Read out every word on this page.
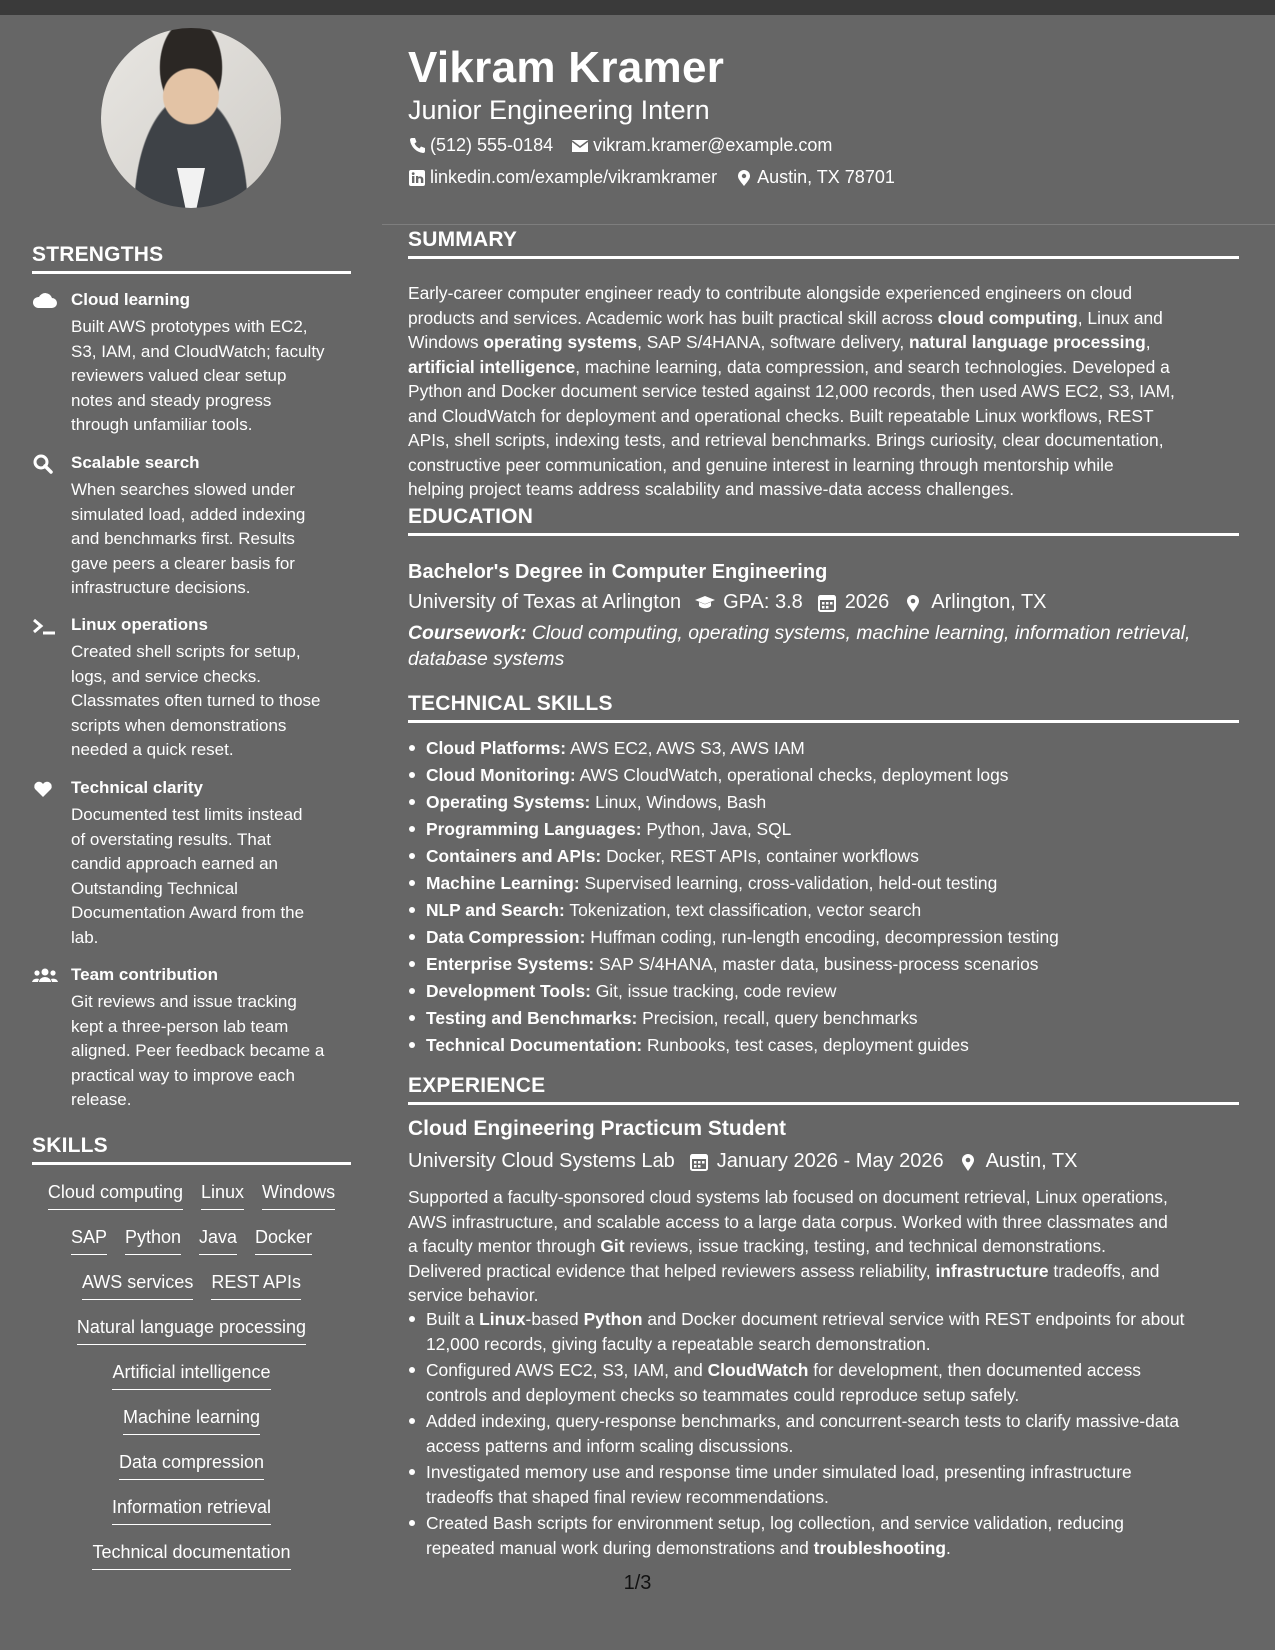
STRENGTHS
Cloud learning
Built AWS prototypes with EC2,
S3, IAM, and CloudWatch; faculty
reviewers valued clear setup
notes and steady progress
through unfamiliar tools.
Scalable search
When searches slowed under
simulated load, added indexing
and benchmarks first. Results
gave peers a clearer basis for
infrastructure decisions.
Linux operations
Created shell scripts for setup,
logs, and service checks.
Classmates often turned to those
scripts when demonstrations
needed a quick reset.
Technical clarity
Documented test limits instead
of overstating results. That
candid approach earned an
Outstanding Technical
Documentation Award from the
lab.
Team contribution
Git reviews and issue tracking
kept a three-person lab team
aligned. Peer feedback became a
practical way to improve each
release.
SKILLS
Cloud computing Linux Windows
SAP Python Java Docker
AWS services REST APIs
Natural language processing
Artificial intelligence
Machine learning
Data compression
Information retrieval
Technical documentation
Vikram Kramer
Junior Engineering Intern
(512) 555-0184 vikram.kramer@example.com
linkedin.com/example/vikramkramer Austin, TX 78701
SUMMARY
Early-career computer engineer ready to contribute alongside experienced engineers on cloud
products and services. Academic work has built practical skill across cloud computing, Linux and
Windows operating systems, SAP S/4HANA, software delivery, natural language processing,
artificial intelligence, machine learning, data compression, and search technologies. Developed a
Python and Docker document service tested against 12,000 records, then used AWS EC2, S3, IAM,
and CloudWatch for deployment and operational checks. Built repeatable Linux workflows, REST
APIs, shell scripts, indexing tests, and retrieval benchmarks. Brings curiosity, clear documentation,
constructive peer communication, and genuine interest in learning through mentorship while
helping project teams address scalability and massive-data access challenges.
EDUCATION
Bachelor's Degree in Computer Engineering
University of Texas at Arlington GPA: 3.8 2026 Arlington, TX
Coursework: Cloud computing, operating systems, machine learning, information retrieval,
database systems
TECHNICAL SKILLS
Cloud Platforms: AWS EC2, AWS S3, AWS IAM
Cloud Monitoring: AWS CloudWatch, operational checks, deployment logs
Operating Systems: Linux, Windows, Bash
Programming Languages: Python, Java, SQL
Containers and APIs: Docker, REST APIs, container workflows
Machine Learning: Supervised learning, cross-validation, held-out testing
NLP and Search: Tokenization, text classification, vector search
Data Compression: Huffman coding, run-length encoding, decompression testing
Enterprise Systems: SAP S/4HANA, master data, business-process scenarios
Development Tools: Git, issue tracking, code review
Testing and Benchmarks: Precision, recall, query benchmarks
Technical Documentation: Runbooks, test cases, deployment guides
EXPERIENCE
Cloud Engineering Practicum Student
University Cloud Systems Lab January 2026 - May 2026 Austin, TX
Supported a faculty-sponsored cloud systems lab focused on document retrieval, Linux operations,
AWS infrastructure, and scalable access to a large data corpus. Worked with three classmates and
a faculty mentor through Git reviews, issue tracking, testing, and technical demonstrations.
Delivered practical evidence that helped reviewers assess reliability, infrastructure tradeoffs, and
service behavior.
Built a Linux-based Python and Docker document retrieval service with REST endpoints for about
12,000 records, giving faculty a repeatable search demonstration.
Configured AWS EC2, S3, IAM, and CloudWatch for development, then documented access
controls and deployment checks so teammates could reproduce setup safely.
Added indexing, query-response benchmarks, and concurrent-search tests to clarify massive-data
access patterns and inform scaling discussions.
Investigated memory use and response time under simulated load, presenting infrastructure
tradeoffs that shaped final review recommendations.
Created Bash scripts for environment setup, log collection, and service validation, reducing
repeated manual work during demonstrations and troubleshooting.
1/3
